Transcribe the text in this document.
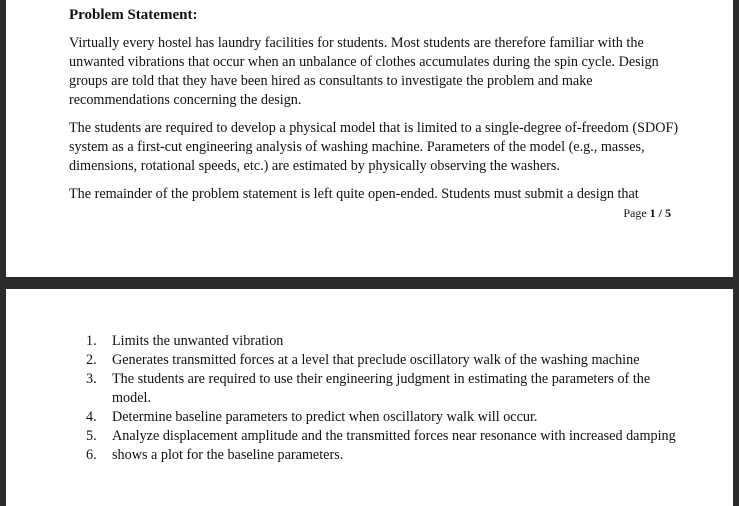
Problem Statement:

Virtually every hostel has laundry facilities for students. Most students are therefore familiar with the unwanted vibrations that occur when an unbalance of clothes accumulates during the spin cycle. Design groups are told that they have been hired as consultants to investigate the problem and make recommendations concerning the design.

The students are required to develop a physical model that is limited to a single-degree of-freedom (SDOF) system as a first-cut engineering analysis of washing machine. Parameters of the model (e.g., masses, dimensions, rotational speeds, etc.) are estimated by physically observing the washers.

The remainder of the problem statement is left quite open-ended. Students must submit a design that

Page 1 / 5
1. Limits the unwanted vibration
2. Generates transmitted forces at a level that preclude oscillatory walk of the washing machine
3. The students are required to use their engineering judgment in estimating the parameters of the model.
4. Determine baseline parameters to predict when oscillatory walk will occur.
5. Analyze displacement amplitude and the transmitted forces near resonance with increased damping
6. shows a plot for the baseline parameters.
